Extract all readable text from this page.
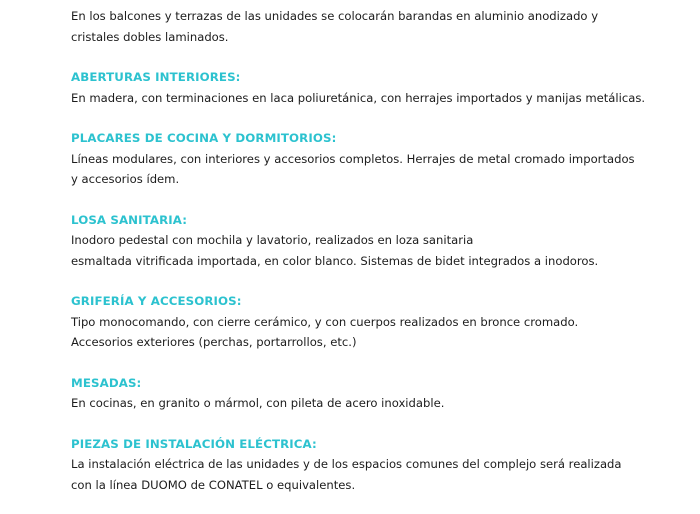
En los balcones y terrazas de las unidades se colocarán barandas en aluminio anodizado y
cristales dobles laminados.

ABERTURAS INTERIORES:

En madera, con terminaciones en laca poliuretánica, con herrajes importados y manijas metálicas.

PLACARES DE COCINA Y DORMITORIOS:

Líneas modulares, con interiores y accesorios completos. Herrajes de metal cromado importados
y accesorios ídem.

LOSA SANITARIA:

Inodoro pedestal con mochila y lavatorio, realizados en loza sanitaria
esmaltada vitrificada importada, en color blanco. Sistemas de bidet integrados a inodoros.

GRIFERÍA Y ACCESORIOS:

Tipo monocomando, con cierre cerámico, y con cuerpos realizados en bronce cromado.
Accesorios exteriores (perchas, portarrollos, etc.)

MESADAS:

En cocinas, en granito o mármol, con pileta de acero inoxidable.

PIEZAS DE INSTALACIÓN ELÉCTRICA:

La instalación eléctrica de las unidades y de los espacios comunes del complejo será realizada
con la línea DUOMO de CONATEL o equivalentes.
